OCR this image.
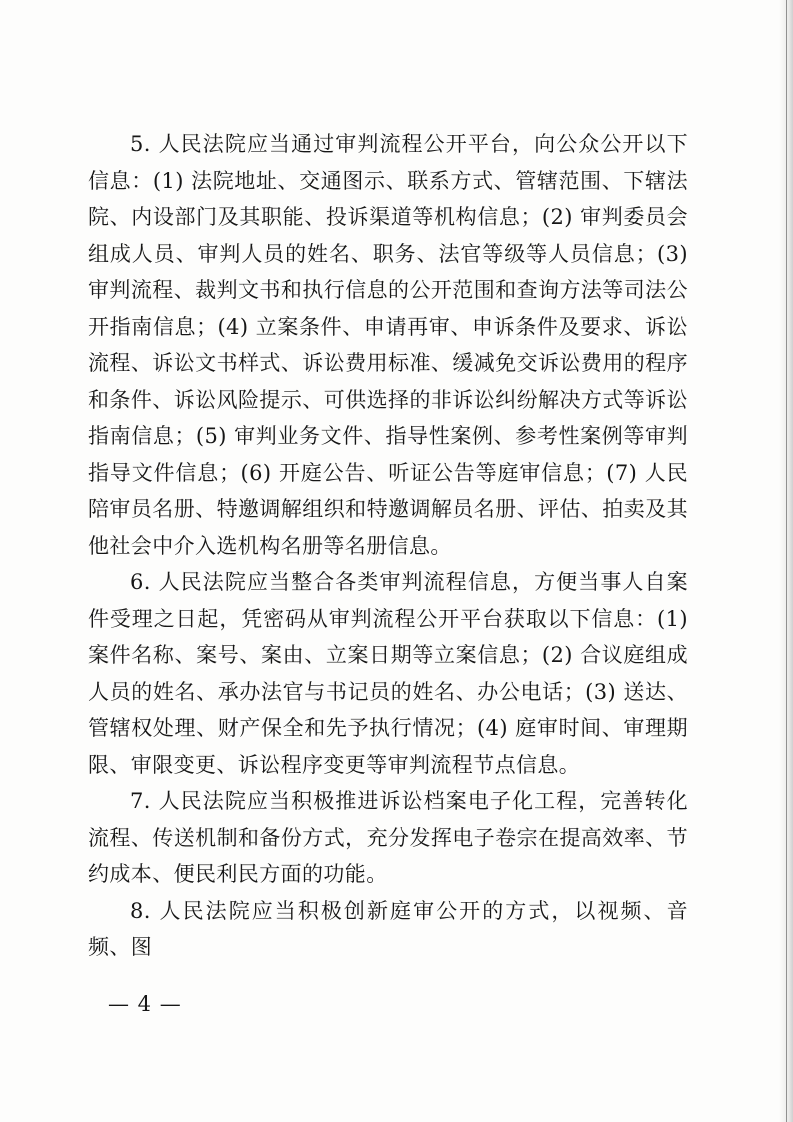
5. 人民法院应当通过审判流程公开平台，向公众公开以下信息：(1) 法院地址、交通图示、联系方式、管辖范围、下辖法院、内设部门及其职能、投诉渠道等机构信息；(2) 审判委员会组成人员、审判人员的姓名、职务、法官等级等人员信息；(3) 审判流程、裁判文书和执行信息的公开范围和查询方法等司法公开指南信息；(4) 立案条件、申请再审、申诉条件及要求、诉讼流程、诉讼文书样式、诉讼费用标准、缓减免交诉讼费用的程序和条件、诉讼风险提示、可供选择的非诉讼纠纷解决方式等诉讼指南信息；(5) 审判业务文件、指导性案例、参考性案例等审判指导文件信息；(6) 开庭公告、听证公告等庭审信息；(7) 人民陪审员名册、特邀调解组织和特邀调解员名册、评估、拍卖及其他社会中介入选机构名册等名册信息。

6. 人民法院应当整合各类审判流程信息，方便当事人自案件受理之日起，凭密码从审判流程公开平台获取以下信息：(1) 案件名称、案号、案由、立案日期等立案信息；(2) 合议庭组成人员的姓名、承办法官与书记员的姓名、办公电话；(3) 送达、管辖权处理、财产保全和先予执行情况；(4) 庭审时间、审理期限、审限变更、诉讼程序变更等审判流程节点信息。

7. 人民法院应当积极推进诉讼档案电子化工程，完善转化流程、传送机制和备份方式，充分发挥电子卷宗在提高效率、节约成本、便民利民方面的功能。

8. 人民法院应当积极创新庭审公开的方式，以视频、音频、图

— 4 —
